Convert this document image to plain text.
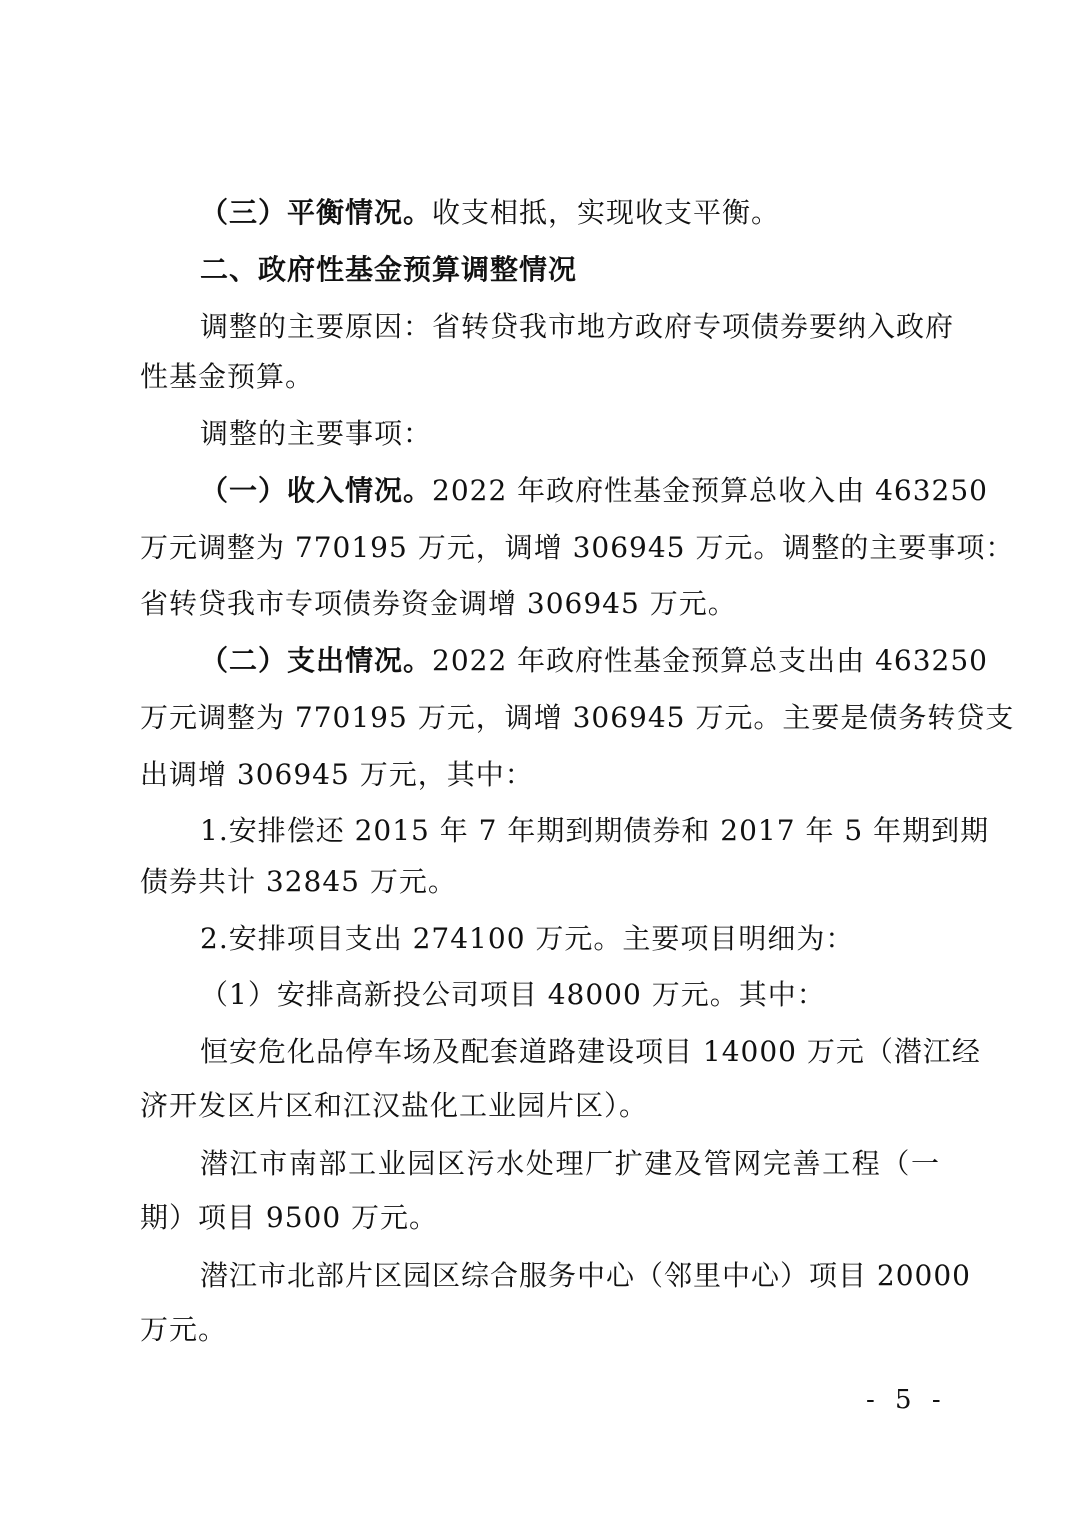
（三）平衡情况。收支相抵，实现收支平衡。
二、政府性基金预算调整情况
调整的主要原因：省转贷我市地方政府专项债券要纳入政府
性基金预算。
调整的主要事项：
（一）收入情况。2022 年政府性基金预算总收入由 463250
万元调整为 770195 万元，调增 306945 万元。调整的主要事项：
省转贷我市专项债券资金调增 306945 万元。
（二）支出情况。2022 年政府性基金预算总支出由 463250
万元调整为 770195 万元，调增 306945 万元。主要是债务转贷支
出调增 306945 万元，其中：
1.安排偿还 2015 年 7 年期到期债券和 2017 年 5 年期到期
债券共计 32845 万元。
2.安排项目支出 274100 万元。主要项目明细为：
（1）安排高新投公司项目 48000 万元。其中：
恒安危化品停车场及配套道路建设项目 14000 万元（潜江经
济开发区片区和江汉盐化工业园片区）。
潜江市南部工业园区污水处理厂扩建及管网完善工程（一
期）项目 9500 万元。
潜江市北部片区园区综合服务中心（邻里中心）项目 20000
万元。
- 5 -
